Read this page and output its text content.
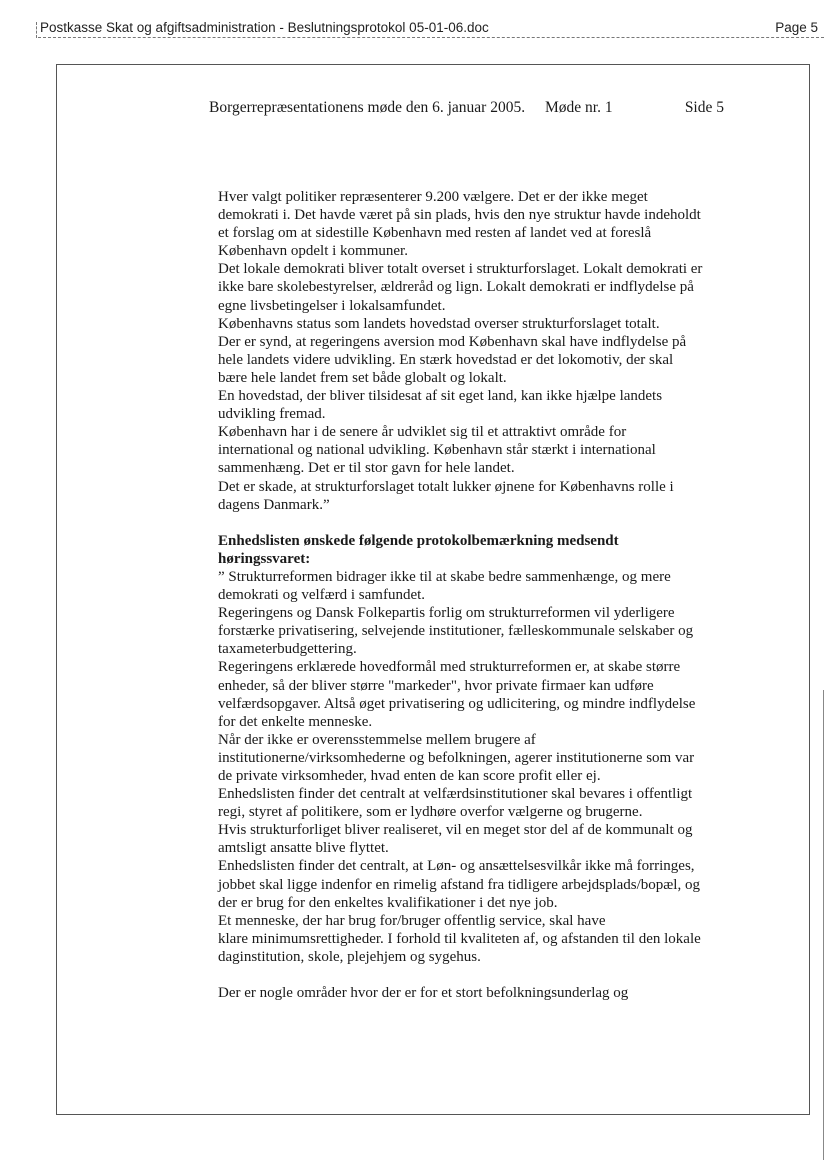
Postkasse Skat og afgiftsadministration - Beslutningsprotokol 05-01-06.doc	Page 5
Borgerrepræsentationens møde den 6. januar 2005. Møde nr. 1	Side 5

Hver valgt politiker repræsenterer 9.200 vælgere. Det er der ikke meget

demokrati i. Det havde været på sin plads, hvis den nye struktur havde indeholdt

et forslag om at sidestille København med resten af landet ved at foreslå

København opdelt i kommuner.

Det lokale demokrati bliver totalt overset i strukturforslaget. Lokalt demokrati er

ikke bare skolebestyrelser, ældreråd og lign. Lokalt demokrati er indflydelse på

egne livsbetingelser i lokalsamfundet.

Københavns status som landets hovedstad overser strukturforslaget totalt.

Der er synd, at regeringens aversion mod København skal have indflydelse på

hele landets videre udvikling. En stærk hovedstad er det lokomotiv, der skal

bære hele landet frem set både globalt og lokalt.

En hovedstad, der bliver tilsidesat af sit eget land, kan ikke hjælpe landets

udvikling fremad.

København har i de senere år udviklet sig til et attraktivt område for

international og national udvikling. København står stærkt i international

sammenhæng. Det er til stor gavn for hele landet.

Det er skade, at strukturforslaget totalt lukker øjnene for Københavns rolle i

dagens Danmark.”

Enhedslisten ønskede følgende protokolbemærkning medsendt

høringssvaret:

” Strukturreformen bidrager ikke til at skabe bedre sammenhænge, og mere

demokrati og velfærd i samfundet.

Regeringens og Dansk Folkepartis forlig om strukturreformen vil yderligere

forstærke privatisering, selvejende institutioner, fælleskommunale selskaber og

taxameterbudgettering.

Regeringens erklærede hovedformål med strukturreformen er, at skabe større

enheder, så der bliver større "markeder", hvor private firmaer kan udføre

velfærdsopgaver. Altså øget privatisering og udlicitering, og mindre indflydelse

for det enkelte menneske.

Når der ikke er overensstemmelse mellem brugere af

institutionerne/virksomhederne og befolkningen, agerer institutionerne som var

de private virksomheder, hvad enten de kan score profit eller ej.

Enhedslisten finder det centralt at velfærdsinstitutioner skal bevares i offentligt

regi, styret af politikere, som er lydhøre overfor vælgerne og brugerne.

Hvis strukturforliget bliver realiseret, vil en meget stor del af de kommunalt og

amtsligt ansatte blive flyttet.

Enhedslisten finder det centralt, at Løn- og ansættelsesvilkår ikke må forringes,

jobbet skal ligge indenfor en rimelig afstand fra tidligere arbejdsplads/bopæl, og

der er brug for den enkeltes kvalifikationer i det nye job.

Et menneske, der har brug for/bruger offentlig service, skal have

klare minimumsrettigheder. I forhold til kvaliteten af, og afstanden til den lokale

daginstitution, skole, plejehjem og sygehus.

Der er nogle områder hvor der er for et stort befolkningsunderlag og
